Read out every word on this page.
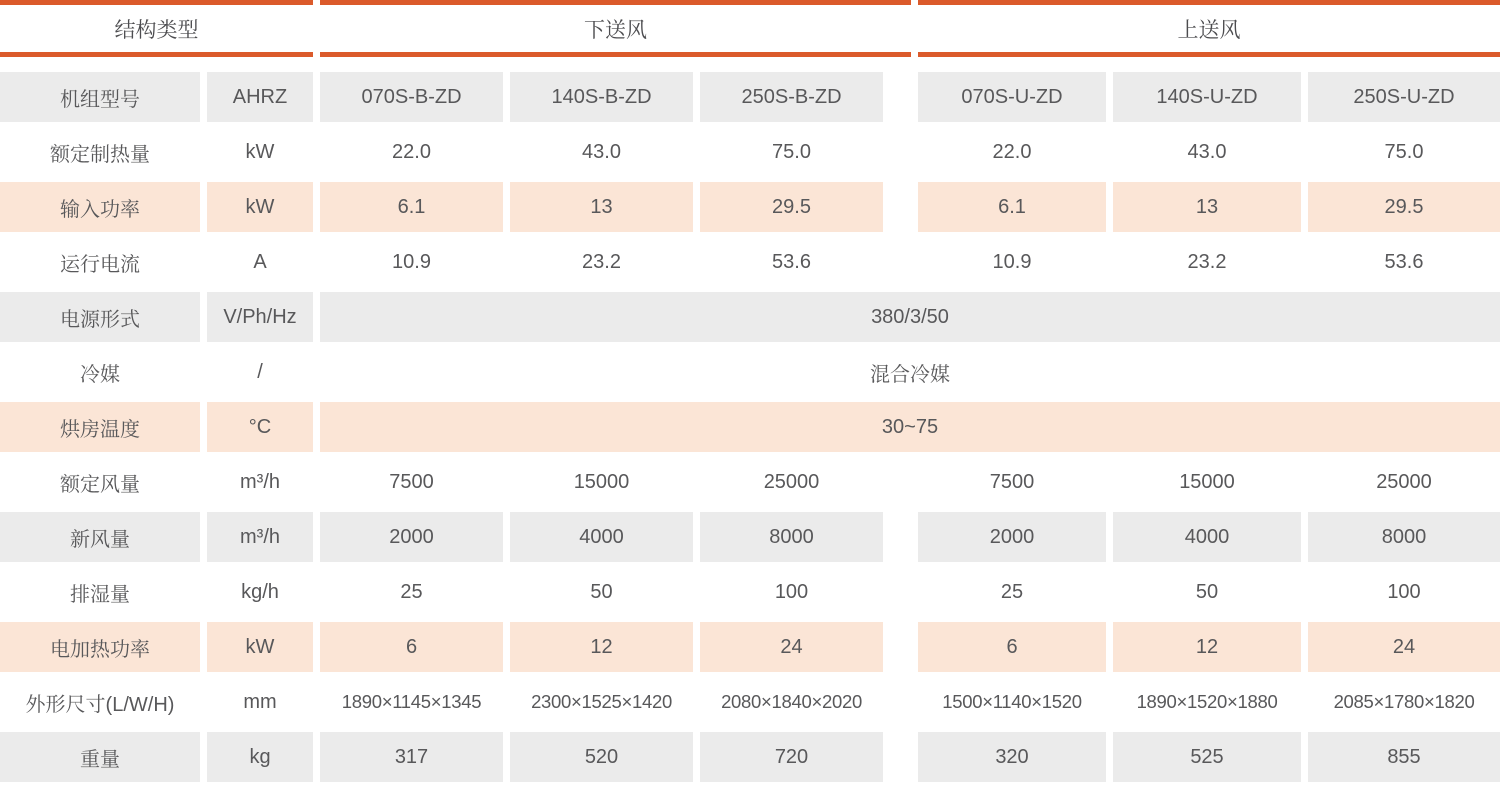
结构类型	下送风	上送风
机组型号	AHRZ	070S-B-ZD	140S-B-ZD	250S-B-ZD	070S-U-ZD	140S-U-ZD	250S-U-ZD
额定制热量	kW	22.0	43.0	75.0	22.0	43.0	75.0
输入功率	kW	6.1	13	29.5	6.1	13	29.5
运行电流	A	10.9	23.2	53.6	10.9	23.2	53.6
电源形式	V/Ph/Hz	380/3/50
冷媒	/	混合冷媒
烘房温度	°C	30~75
额定风量	m³/h	7500	15000	25000	7500	15000	25000
新风量	m³/h	2000	4000	8000	2000	4000	8000
排湿量	kg/h	25	50	100	25	50	100
电加热功率	kW	6	12	24	6	12	24
外形尺寸(L/W/H)	mm	1890×1145×1345	2300×1525×1420	2080×1840×2020	1500×1140×1520	1890×1520×1880	2085×1780×1820
重量	kg	317	520	720	320	525	855
